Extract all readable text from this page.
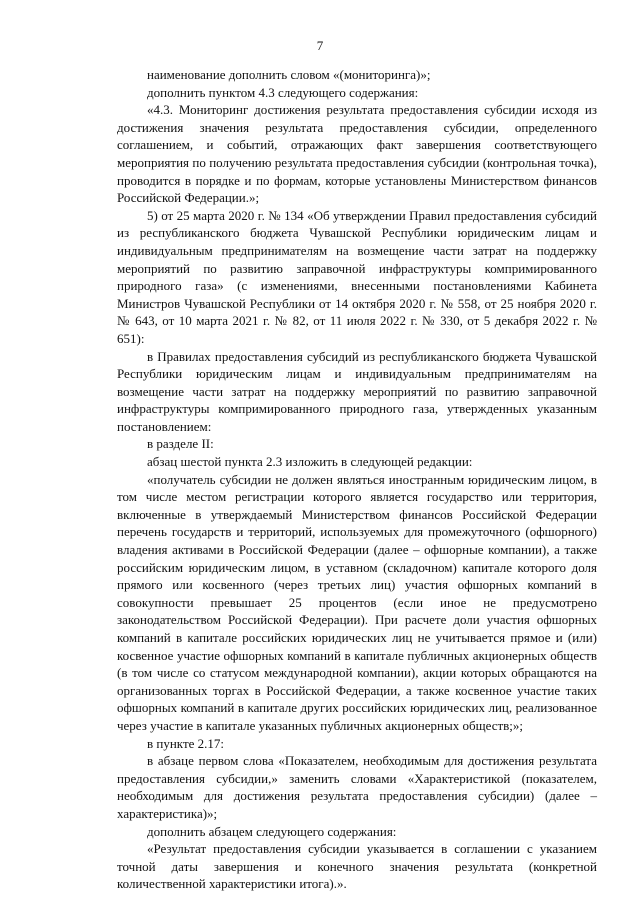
7

наименование дополнить словом «(мониторинга)»;

дополнить пунктом 4.3 следующего содержания:

«4.3. Мониторинг достижения результата предоставления субсидии исходя из достижения значения результата предоставления субсидии, определенного соглашением, и событий, отражающих факт завершения соответствующего мероприятия по получению результата предоставления субсидии (контрольная точка), проводится в порядке и по формам, которые установлены Министерством финансов Российской Федерации.»;

5) от 25 марта 2020 г. № 134 «Об утверждении Правил предоставления субсидий из республиканского бюджета Чувашской Республики юридическим лицам и индивидуальным предпринимателям на возмещение части затрат на поддержку мероприятий по развитию заправочной инфраструктуры компримированного природного газа» (с изменениями, внесенными постановлениями Кабинета Министров Чувашской Республики от 14 октября 2020 г. № 558, от 25 ноября 2020 г. № 643, от 10 марта 2021 г. № 82, от 11 июля 2022 г. № 330, от 5 декабря 2022 г. № 651):

в Правилах предоставления субсидий из республиканского бюджета Чувашской Республики юридическим лицам и индивидуальным предпринимателям на возмещение части затрат на поддержку мероприятий по развитию заправочной инфраструктуры компримированного природного газа, утвержденных указанным постановлением:

в разделе II:

абзац шестой пункта 2.3 изложить в следующей редакции:

«получатель субсидии не должен являться иностранным юридическим лицом, в том числе местом регистрации которого является государство или территория, включенные в утверждаемый Министерством финансов Российской Федерации перечень государств и территорий, используемых для промежуточного (офшорного) владения активами в Российской Федерации (далее – офшорные компании), а также российским юридическим лицом, в уставном (складочном) капитале которого доля прямого или косвенного (через третьих лиц) участия офшорных компаний в совокупности превышает 25 процентов (если иное не предусмотрено законодательством Российской Федерации). При расчете доли участия офшорных компаний в капитале российских юридических лиц не учитывается прямое и (или) косвенное участие офшорных компаний в капитале публичных акционерных обществ (в том числе со статусом международной компании), акции которых обращаются на организованных торгах в Российской Федерации, а также косвенное участие таких офшорных компаний в капитале других российских юридических лиц, реализованное через участие в капитале указанных публичных акционерных обществ;»;

в пункте 2.17:

в абзаце первом слова «Показателем, необходимым для достижения результата предоставления субсидии,» заменить словами «Характеристикой (показателем, необходимым для достижения результата предоставления субсидии) (далее – характеристика)»;

дополнить абзацем следующего содержания:

«Результат предоставления субсидии указывается в соглашении с указанием точной даты завершения и конечного значения результата (конкретной количественной характеристики итога).».
